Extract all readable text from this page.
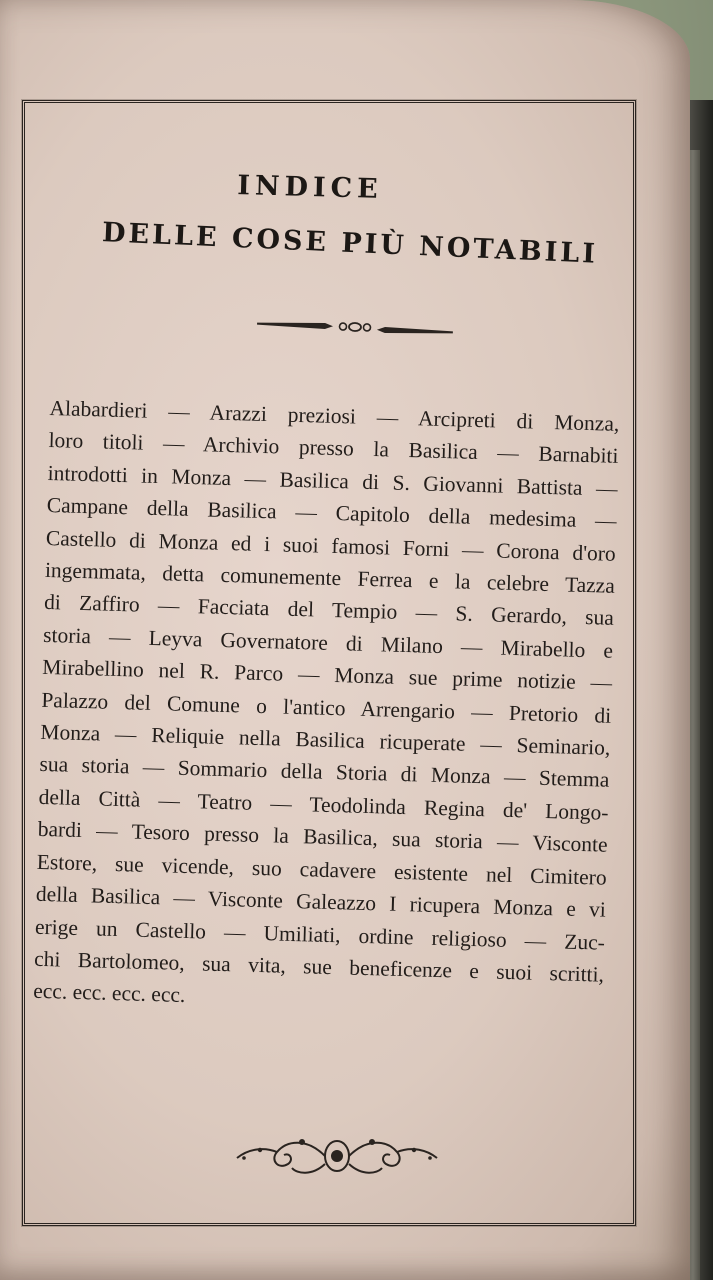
INDICE
DELLE COSE PIÙ NOTABILI
Alabardieri — Arazzi preziosi — Arcipreti di Monza,
loro titoli — Archivio presso la Basilica — Barnabiti
introdotti in Monza — Basilica di S. Giovanni Battista —
Campane della Basilica — Capitolo della medesima —
Castello di Monza ed i suoi famosi Forni — Corona d'oro
ingemmata, detta comunemente Ferrea e la celebre Tazza
di Zaffiro — Facciata del Tempio — S. Gerardo, sua
storia — Leyva Governatore di Milano — Mirabello e
Mirabellino nel R. Parco — Monza sue prime notizie —
Palazzo del Comune o l'antico Arrengario — Pretorio di
Monza — Reliquie nella Basilica ricuperate — Seminario,
sua storia — Sommario della Storia di Monza — Stemma
della Città — Teatro — Teodolinda Regina de' Longo-
bardi — Tesoro presso la Basilica, sua storia — Visconte
Estore, sue vicende, suo cadavere esistente nel Cimitero
della Basilica — Visconte Galeazzo I ricupera Monza e vi
erige un Castello — Umiliati, ordine religioso — Zuc-
chi Bartolomeo, sua vita, sue beneficenze e suoi scritti,
ecc. ecc. ecc. ecc.
